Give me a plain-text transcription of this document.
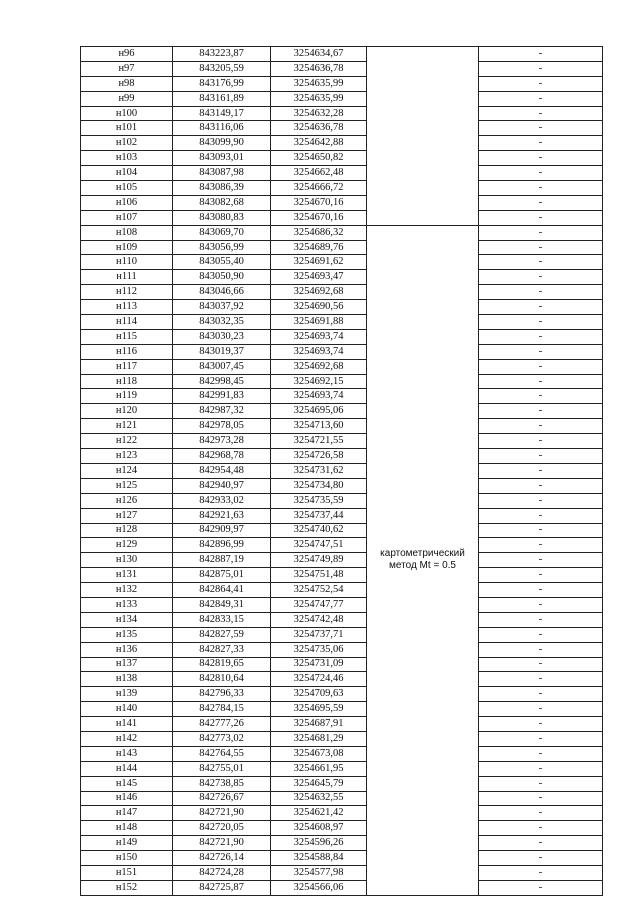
н96	843223,87	3254634,67		-
н97	843205,59	3254636,78		-
н98	843176,99	3254635,99		-
н99	843161,89	3254635,99		-
н100	843149,17	3254632,28		-
н101	843116,06	3254636,78		-
н102	843099,90	3254642,88		-
н103	843093,01	3254650,82		-
н104	843087,98	3254662,48		-
н105	843086,39	3254666,72		-
н106	843082,68	3254670,16		-
н107	843080,83	3254670,16		-
н108	843069,70	3254686,32	картометрический метод Mt = 0.5	-
н109	843056,99	3254689,76		-
н110	843055,40	3254691,62		-
н111	843050,90	3254693,47		-
н112	843046,66	3254692,68		-
н113	843037,92	3254690,56		-
н114	843032,35	3254691,88		-
н115	843030,23	3254693,74		-
н116	843019,37	3254693,74		-
н117	843007,45	3254692,68		-
н118	842998,45	3254692,15		-
н119	842991,83	3254693,74		-
н120	842987,32	3254695,06		-
н121	842978,05	3254713,60		-
н122	842973,28	3254721,55		-
н123	842968,78	3254726,58		-
н124	842954,48	3254731,62		-
н125	842940,97	3254734,80		-
н126	842933,02	3254735,59		-
н127	842921,63	3254737,44		-
н128	842909,97	3254740,62		-
н129	842896,99	3254747,51		-
н130	842887,19	3254749,89		-
н131	842875,01	3254751,48		-
н132	842864,41	3254752,54		-
н133	842849,31	3254747,77		-
н134	842833,15	3254742,48		-
н135	842827,59	3254737,71		-
н136	842827,33	3254735,06		-
н137	842819,65	3254731,09		-
н138	842810,64	3254724,46		-
н139	842796,33	3254709,63		-
н140	842784,15	3254695,59		-
н141	842777,26	3254687,91		-
н142	842773,02	3254681,29		-
н143	842764,55	3254673,08		-
н144	842755,01	3254661,95		-
н145	842738,85	3254645,79		-
н146	842726,67	3254632,55		-
н147	842721,90	3254621,42		-
н148	842720,05	3254608,97		-
н149	842721,90	3254596,26		-
н150	842726,14	3254588,84		-
н151	842724,28	3254577,98		-
н152	842725,87	3254566,06		-
